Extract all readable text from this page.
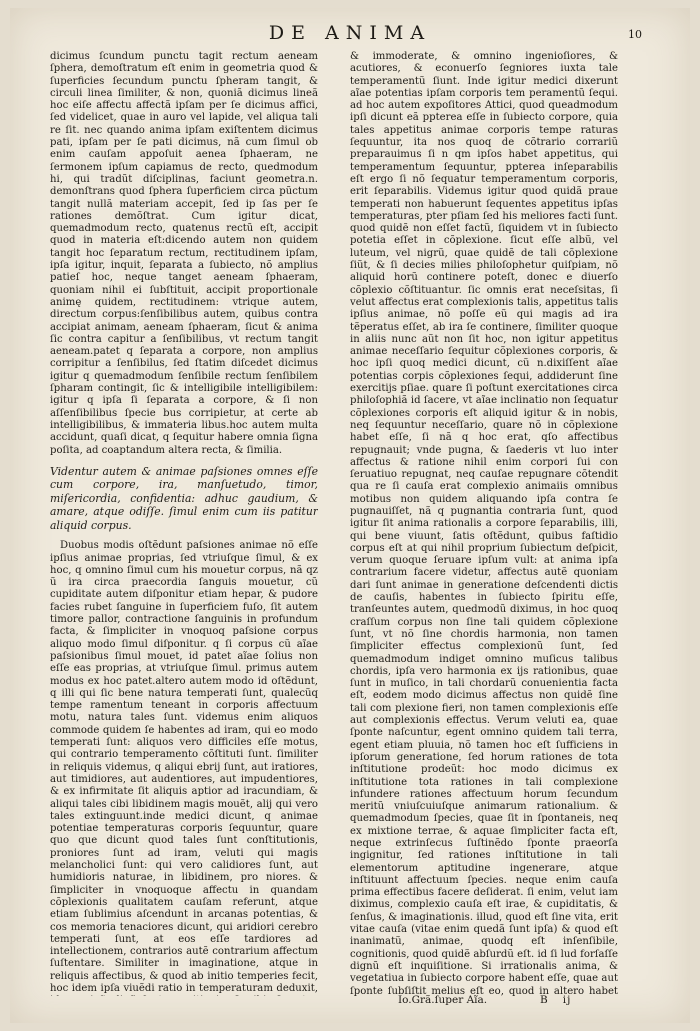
DE ANIMA	10

dicimus ſcundum punctu tagit rectum aeneam ſphera, demoſtratum eſt enim in geometria quod & ſuperficies ſecundum punctu ſpheram tangit, & circuli linea ſimiliter, & non, quoniã dicimus lineã hoc eiſe affectu affectã ipſam per ſe dicimus affici, ſed videlicet, quae in auro vel lapide, vel aliqua tali re ſit. nec quando anima ipſam exiſtentem dicimus pati, ipſam per ſe pati dicimus, nã cum ſimul ob enim cauſam appoſuit aenea ſphaeram, ne ſermonem ipſum capiamus de recto, quedmodum hi, qui tradũt diſciplinas, faciunt geometra.n. demonſtrans quod ſphera ſuperficiem circa pũctum tangit nullã materiam accepit, ſed ip ſas per ſe rationes demõſtrat. Cum igitur dicat, quemadmodum recto, quatenus rectũ eſt, accipit quod in materia eſt:dicendo autem non quidem tangit hoc ſeparatum rectum, rectitudinem ipſam, ipſa igitur, inquit, ſeparata a ſubiecto, nõ amplius patieſ hoc, neque tanget aeneam ſphaeram, quoniam nihil ei ſubſtituit, accipit proportionale animę quidem, rectitudinem: vtrique autem, directum corpus:ſenſibilibus autem, quibus contra accipiat animam, aeneam ſphaeram, ſicut & anima ſic contra capitur a ſenſibilibus, vt rectum tangit aeneam.patet q ſeparata a corpore, non amplius corripitur a ſenſibilus, ſed ſtatim diſcedet dicimus igitur q quemadmodum ſenſibile rectum ſenſibilem ſpharam contingit, ſic & intelligibile intelligibilem: igitur q ipſa ſi ſeparata a corpore, & ſi non aſſenſibilibus ſpecie bus corripietur, at certe ab intelligibilibus, & immateria libus.hoc autem multa accidunt, quaſi dicat, q ſequitur habere omnia ſigna poſita, ad coaptandum altera recta, & ſimilia.

Videntur autem & animae paſsiones omnes eſſe cum corpore, ira, manſuetudo, timor, miſericordia, confidentia: adhuc gaudium, & amare, atque odiſſe. ſimul enim cum iis patitur aliquid corpus.

Duobus modis oſtẽdunt paſsiones animae nõ eſſe ipſius animae proprias, ſed vtriuſque ſimul, & ex hoc, q omnino ſimul cum his mouetur corpus, nã qz ũ ira circa praecordia ſanguis mouetur, cũ cupiditate autem diſponitur etiam hepar, & pudore facies rubet ſanguine in ſuperficiem fuſo, ſit autem timore pallor, contractione ſanguinis in profundum facta, & ſimpliciter in vnoquoq paſsione corpus aliquo modo ſimul diſponitur. q ſi corpus cũ aĩae paſsionibus ſimul mouet, id patet aĩae ſolius non eſſe eas proprias, at vtriuſque ſimul. primus autem modus ex hoc patet.altero autem modo id oſtẽdunt, q illi qui ſic bene natura temperati ſunt, qualecũq tempe ramentum teneant in corporis affectuum motu, natura tales ſunt. videmus enim aliquos commode quidem ſe habentes ad iram, qui eo modo temperati ſunt: aliquos vero difficiles eſſe motus, qui contrario temperamento cõſtituti ſunt. ſimiliter in reliquis videmus, q aliqui ebrij ſunt, aut iratiores, aut timidiores, aut audentiores, aut impudentiores, & ex infirmitate ſit aliquis aptior ad iracundiam, & aliqui tales cibi libidinem magis mouẽt, alij qui vero tales extinguunt.inde medici dicunt, q animae potentiae temperaturas corporis ſequuntur, quare quo que dicunt quod tales ſunt conſtitutionis, proniores ſunt ad iram, veluti qui magis melancholici ſunt: qui vero calidiores ſunt, aut humidioris naturae, in libidinem, pro niores. & ſimpliciter in vnoquoque affectu in quandam cõplexionis qualitatem cauſam referunt, atque etiam ſublimius aſcendunt in arcanas potentias, & cos memoria tenaciores dicunt, qui aridiori cerebro temperati ſunt, at eos eſſe tardiores ad intellectionem, contrarios autẽ contrarium affectum ſuſtentare. Similiter in imaginatione, atque in reliquis affectibus, & quod ab initio temperies fecit, hoc idem ipſa viuẽdi ratio in temperaturam deduxit,

& immoderate, & omnino ingenioſiores, & acutiores, & econuerſo ſegniores iuxta tale temperamentũ ſiunt. Inde igitur medici dixerunt aĩae potentias ipſam corporis tem peramentũ ſequi. ad hoc autem expoſitores Attici, quod queadmodum ipſi dicunt eã ppterea eſſe in ſubiecto corpore, quia tales appetitus animae corporis tempe raturas ſequuntur, ita nos quoq de cõtrario corrariũ preparauimus ſi n qm ipſos habet appetitus, qui temperamentum ſequuntur, ppterea inſeparabilis eſt ergo ſi nõ ſequatur temperamentum corporis, erit ſeparabilis. Videmus igitur quod quidã praue temperati non habuerunt ſequentes appetitus ipſas temperaturas, pter pſiam ſed his meliores facti ſunt. quod quidẽ non eſſet factũ, ſiquidem vt in ſubiecto potetia eſſet in cõplexione. ſicut eſſe albũ, vel luteum, vel nigrũ, quae quidẽ de tali cõplexione ſiũt, & ſi decies milies philoſophetur quiſpiam, nõ aliquid horũ continere poteſt, donec e diuerſo cõplexio cõſtituantur. ſic omnis erat neceſsitas, ſi velut affectus erat complexionis talis, appetitus talis ipſius animae, nõ poſſe eũ qui magis ad ira tẽperatus eſſet, ab ira ſe continere, ſimiliter quoque in aliis nunc aũt non ſit hoc, non igitur appetitus animae neceſſario ſequitur cõplexiones corporis, & hoc ipſi quoq medici dicunt, cũ n.dixiſſent aĩae potentias corpis cõplexiones ſequi, addiderunt ſine exercitijs pſiae. quare ſi poſtunt exercitationes circa philoſophiã id ſacere, vt aĩae inclinatio non ſequatur cõplexiones corporis eſt aliquid igitur & in nobis, neq ſequuntur neceſſario, quare nõ in cõplexione habet eſſe, ſi nã q hoc erat, qſo affectibus repugnauit; vnde pugna, & ſaederis vt luo inter affectus & ratione nihil enim corpori ſui con ſeruatiuo repugnat, neq cauſae repugnare cõtendit qua re ſi cauſa erat complexio animaiis omnibus motibus non quidem aliquando ipſa contra ſe pugnauiſſet, nã q pugnantia contraria ſunt, quod igitur ſit anima rationalis a corpore ſeparabilis, illi, qui bene viuunt, ſatis oſtẽdunt, quibus faſtidio corpus eſt at qui nihil proprium ſubiectum deſpicit, verum quoque ſeruare ipſum vult: at anima ipſa contrarium facere videtur, affectus autẽ quoniam dari ſunt animae in generatione deſcendenti dictis de cauſis, habentes in ſubiecto ſpiritu eſſe, tranſeuntes autem, quedmodũ diximus, in hoc quoq craſſum corpus non ſine tali quidem cõplexione ſunt, vt nõ ſine chordis harmonia, non tamen ſimpliciter effectus complexionũ ſunt, ſed quemadmodum indiget omnino muſicus talibus chordis, ipſa vero harmonia ex ijs rationibus, quae ſunt in muſico, in tali chordarũ conuenientia facta eſt, eodem modo dicimus affectus non quidẽ ſine tali com plexione fieri, non tamen complexionis eſſe aut complexionis effectus. Verum veluti ea, quae ſponte naſcuntur, egent omnino quidem tali terra, egent etiam pluuia, nõ tamen hoc eſt ſufficiens in ipſorum generatione, ſed horum rationes de tota inſtitutione prodeũt: hoc modo dicimus ex inſtitutione tota rationes in tali complexione infundere rationes affectuum horum ſecundum meritũ vniuſcuiuſque animarum rationalium. & quemadmodum ſpecies, quae ſit in ſpontaneis, neq ex mixtione terrae, & aquae ſimpliciter facta eſt, neque extrinſecus ſuſtinẽdo ſponte praeorſa ingignitur, ſed rationes inſtitutione in tali elementorum aptitudine ingenerare, atque inſtituunt affectuum ſpecies. neque enim cauſa prima effectibus facere deſiderat. ſi enim, velut iam diximus, complexio cauſa eſt irae, & cupiditatis, & ſenſus, & imaginationis. illud, quod eſt ſine vita, erit vitae cauſa (vitae enim quedã ſunt ipſa) & quod eſt inanimatũ, animae, quodq eſt inſenſibile, cognitionis, quod quidẽ abſurdũ eſt. id ſi lud forſaſſe dignũ eſt inquiſitione. Si irrationalis anima, & vegetatiua in ſubiecto corpore habent eſſe, quae aut ſponte ſubſiſtit melius eſt eo, quod in altero habet

Io.Grã.ſuper Aĩa.	B ij
